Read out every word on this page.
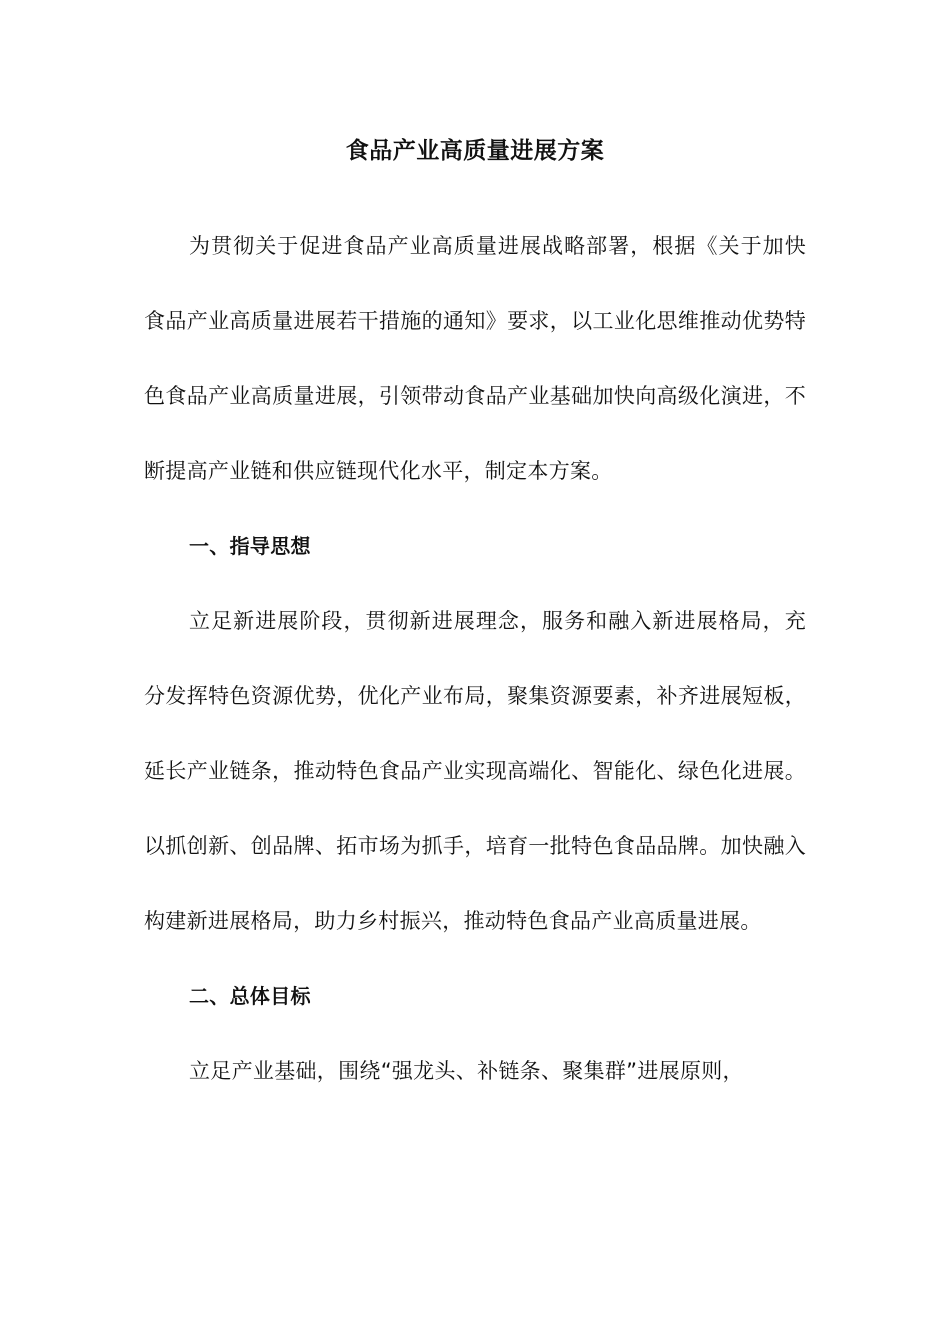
食品产业高质量进展方案

为贯彻关于促进食品产业高质量进展战略部署，根据《关于加快食品产业高质量进展若干措施的通知》要求，以工业化思维推动优势特色食品产业高质量进展，引领带动食品产业基础加快向高级化演进，不断提高产业链和供应链现代化水平，制定本方案。

一、指导思想

立足新进展阶段，贯彻新进展理念，服务和融入新进展格局，充分发挥特色资源优势，优化产业布局，聚集资源要素，补齐进展短板，延长产业链条，推动特色食品产业实现高端化、智能化、绿色化进展。以抓创新、创品牌、拓市场为抓手，培育一批特色食品品牌。加快融入构建新进展格局，助力乡村振兴，推动特色食品产业高质量进展。

二、总体目标

立足产业基础，围绕“强龙头、补链条、聚集群”进展原则，
